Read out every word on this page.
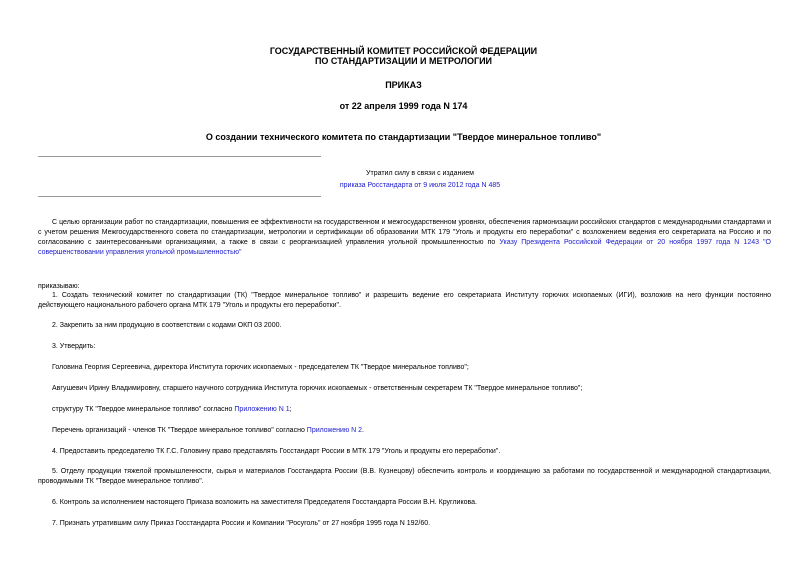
ГОСУДАРСТВЕННЫЙ КОМИТЕТ РОССИЙСКОЙ ФЕДЕРАЦИИ
ПО СТАНДАРТИЗАЦИИ И МЕТРОЛОГИИ
ПРИКАЗ
от 22 апреля 1999 года N 174
О создании технического комитета по стандартизации "Твердое минеральное топливо"
Утратил силу в связи с изданием
приказа Росстандарта от 9 июля 2012 года N 485
С целью организации работ по стандартизации, повышения ее эффективности на государственном и межгосударственном уровнях, обеспечения гармонизации российских стандартов с международными стандартами и с учетом решения Межгосударственного совета по стандартизации, метрологии и сертификации об образовании МТК 179 "Уголь и продукты его переработки" с возложением ведения его секретариата на Россию и по согласованию с заинтересованными организациями, а также в связи с реорганизацией управления угольной промышленностью по Указу Президента Российской Федерации от 20 ноября 1997 года N 1243 "О совершенствовании управления угольной промышленностью"
приказываю:
1. Создать технический комитет по стандартизации (ТК) "Твердое минеральное топливо" и разрешить ведение его секретариата Институту горючих ископаемых (ИГИ), возложив на него функции постоянно действующего национального рабочего органа МТК 179 "Уголь и продукты его переработки".
2. Закрепить за ним продукцию в соответствии с кодами ОКП 03 2000.
3. Утвердить:
Головина Георгия Сергеевича, директора Института горючих ископаемых - председателем ТК "Твердое минеральное топливо";
Авгушевич Ирину Владимировну, старшего научного сотрудника Института горючих ископаемых - ответственным секретарем ТК "Твердое минеральное топливо";
структуру ТК "Твердое минеральное топливо" согласно Приложению N 1;
Перечень организаций - членов ТК "Твердое минеральное топливо" согласно Приложению N 2.
4. Предоставить председателю ТК Г.С. Головину право представлять Госстандарт России в МТК 179 "Уголь и продукты его переработки".
5. Отделу продукции тяжелой промышленности, сырья и материалов Госстандарта России (В.В. Кузнецову) обеспечить контроль и координацию за работами по государственной и международной стандартизации, проводимыми ТК "Твердое минеральное топливо".
6. Контроль за исполнением настоящего Приказа возложить на заместителя Председателя Госстандарта России В.Н. Кругликова.
7. Признать утратившим силу Приказ Госстандарта России и Компании "Росуголь" от 27 ноября 1995 года N 192/60.
